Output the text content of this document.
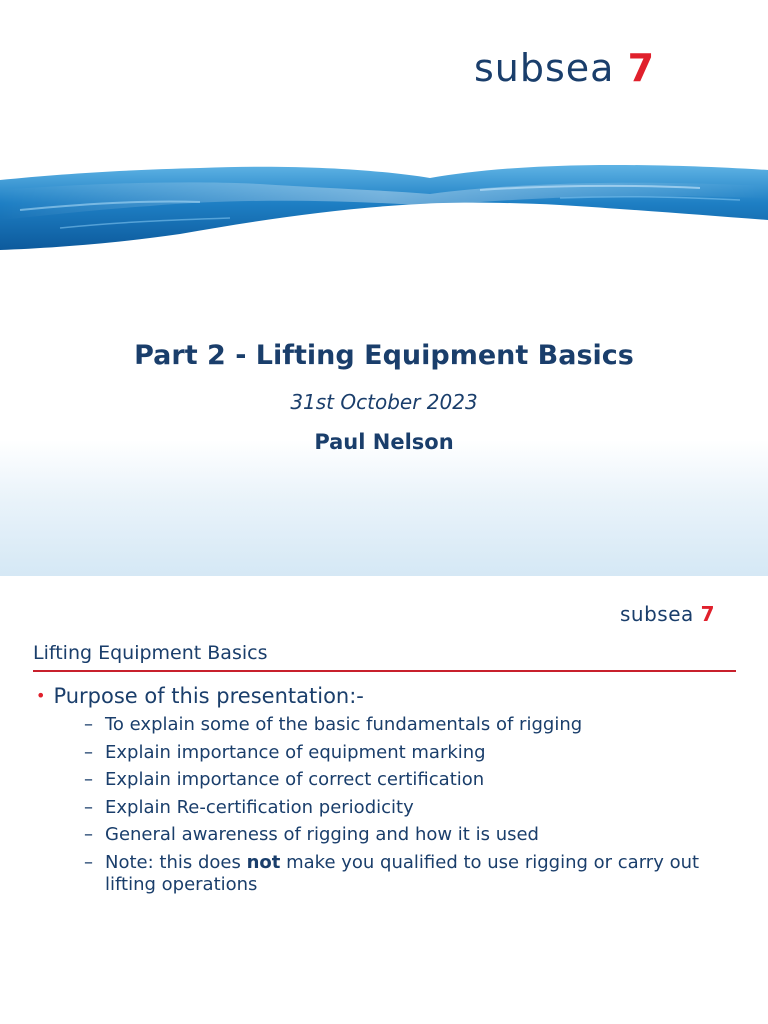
subsea 7
Part 2 - Lifting Equipment Basics
31st October 2023
Paul Nelson
subsea 7
Lifting Equipment Basics
• Purpose of this presentation:-
– To explain some of the basic fundamentals of rigging
– Explain importance of equipment marking
– Explain importance of correct certification
– Explain Re-certification periodicity
– General awareness of rigging and how it is used
– Note: this does not make you qualified to use rigging or carry out lifting operations
